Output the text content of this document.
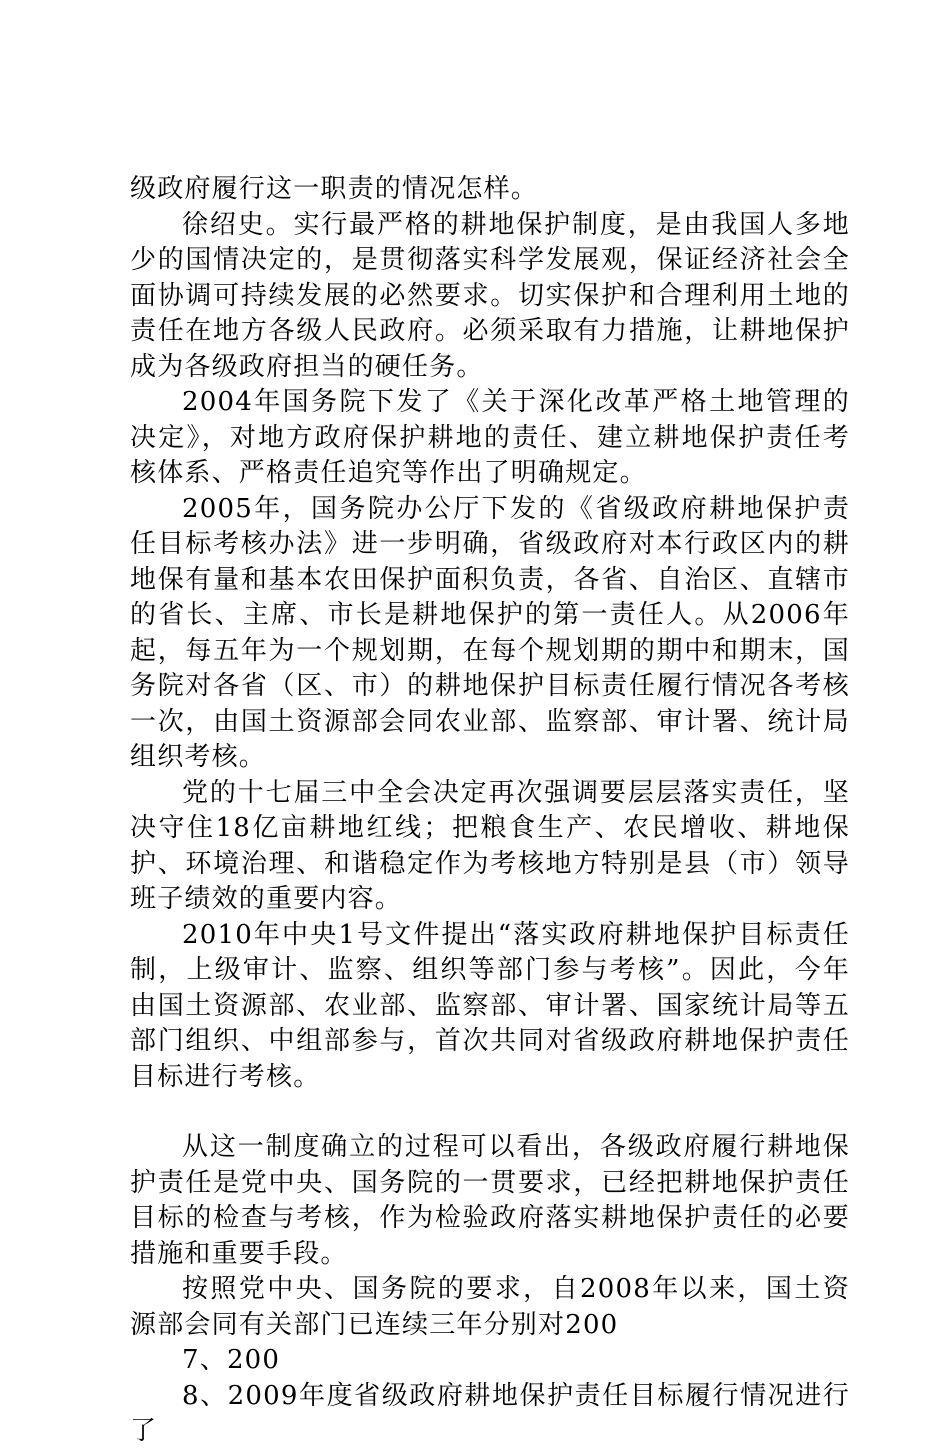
级政府履行这一职责的情况怎样。

徐绍史。实行最严格的耕地保护制度，是由我国人多地少的国情决定的，是贯彻落实科学发展观，保证经济社会全面协调可持续发展的必然要求。切实保护和合理利用土地的责任在地方各级人民政府。必须采取有力措施，让耕地保护成为各级政府担当的硬任务。

2004年国务院下发了《关于深化改革严格土地管理的决定》，对地方政府保护耕地的责任、建立耕地保护责任考核体系、严格责任追究等作出了明确规定。

2005年，国务院办公厅下发的《省级政府耕地保护责任目标考核办法》进一步明确，省级政府对本行政区内的耕地保有量和基本农田保护面积负责，各省、自治区、直辖市的省长、主席、市长是耕地保护的第一责任人。从2006年起，每五年为一个规划期，在每个规划期的期中和期末，国务院对各省（区、市）的耕地保护目标责任履行情况各考核一次，由国土资源部会同农业部、监察部、审计署、统计局组织考核。

党的十七届三中全会决定再次强调要层层落实责任，坚决守住18亿亩耕地红线；把粮食生产、农民增收、耕地保护、环境治理、和谐稳定作为考核地方特别是县（市）领导班子绩效的重要内容。

2010年中央1号文件提出“落实政府耕地保护目标责任制，上级审计、监察、组织等部门参与考核”。因此，今年由国土资源部、农业部、监察部、审计署、国家统计局等五部门组织、中组部参与，首次共同对省级政府耕地保护责任目标进行考核。

从这一制度确立的过程可以看出，各级政府履行耕地保护责任是党中央、国务院的一贯要求，已经把耕地保护责任目标的检查与考核，作为检验政府落实耕地保护责任的必要措施和重要手段。

按照党中央、国务院的要求，自2008年以来，国土资源部会同有关部门已连续三年分别对200

7、200

8、2009年度省级政府耕地保护责任目标履行情况进行了
